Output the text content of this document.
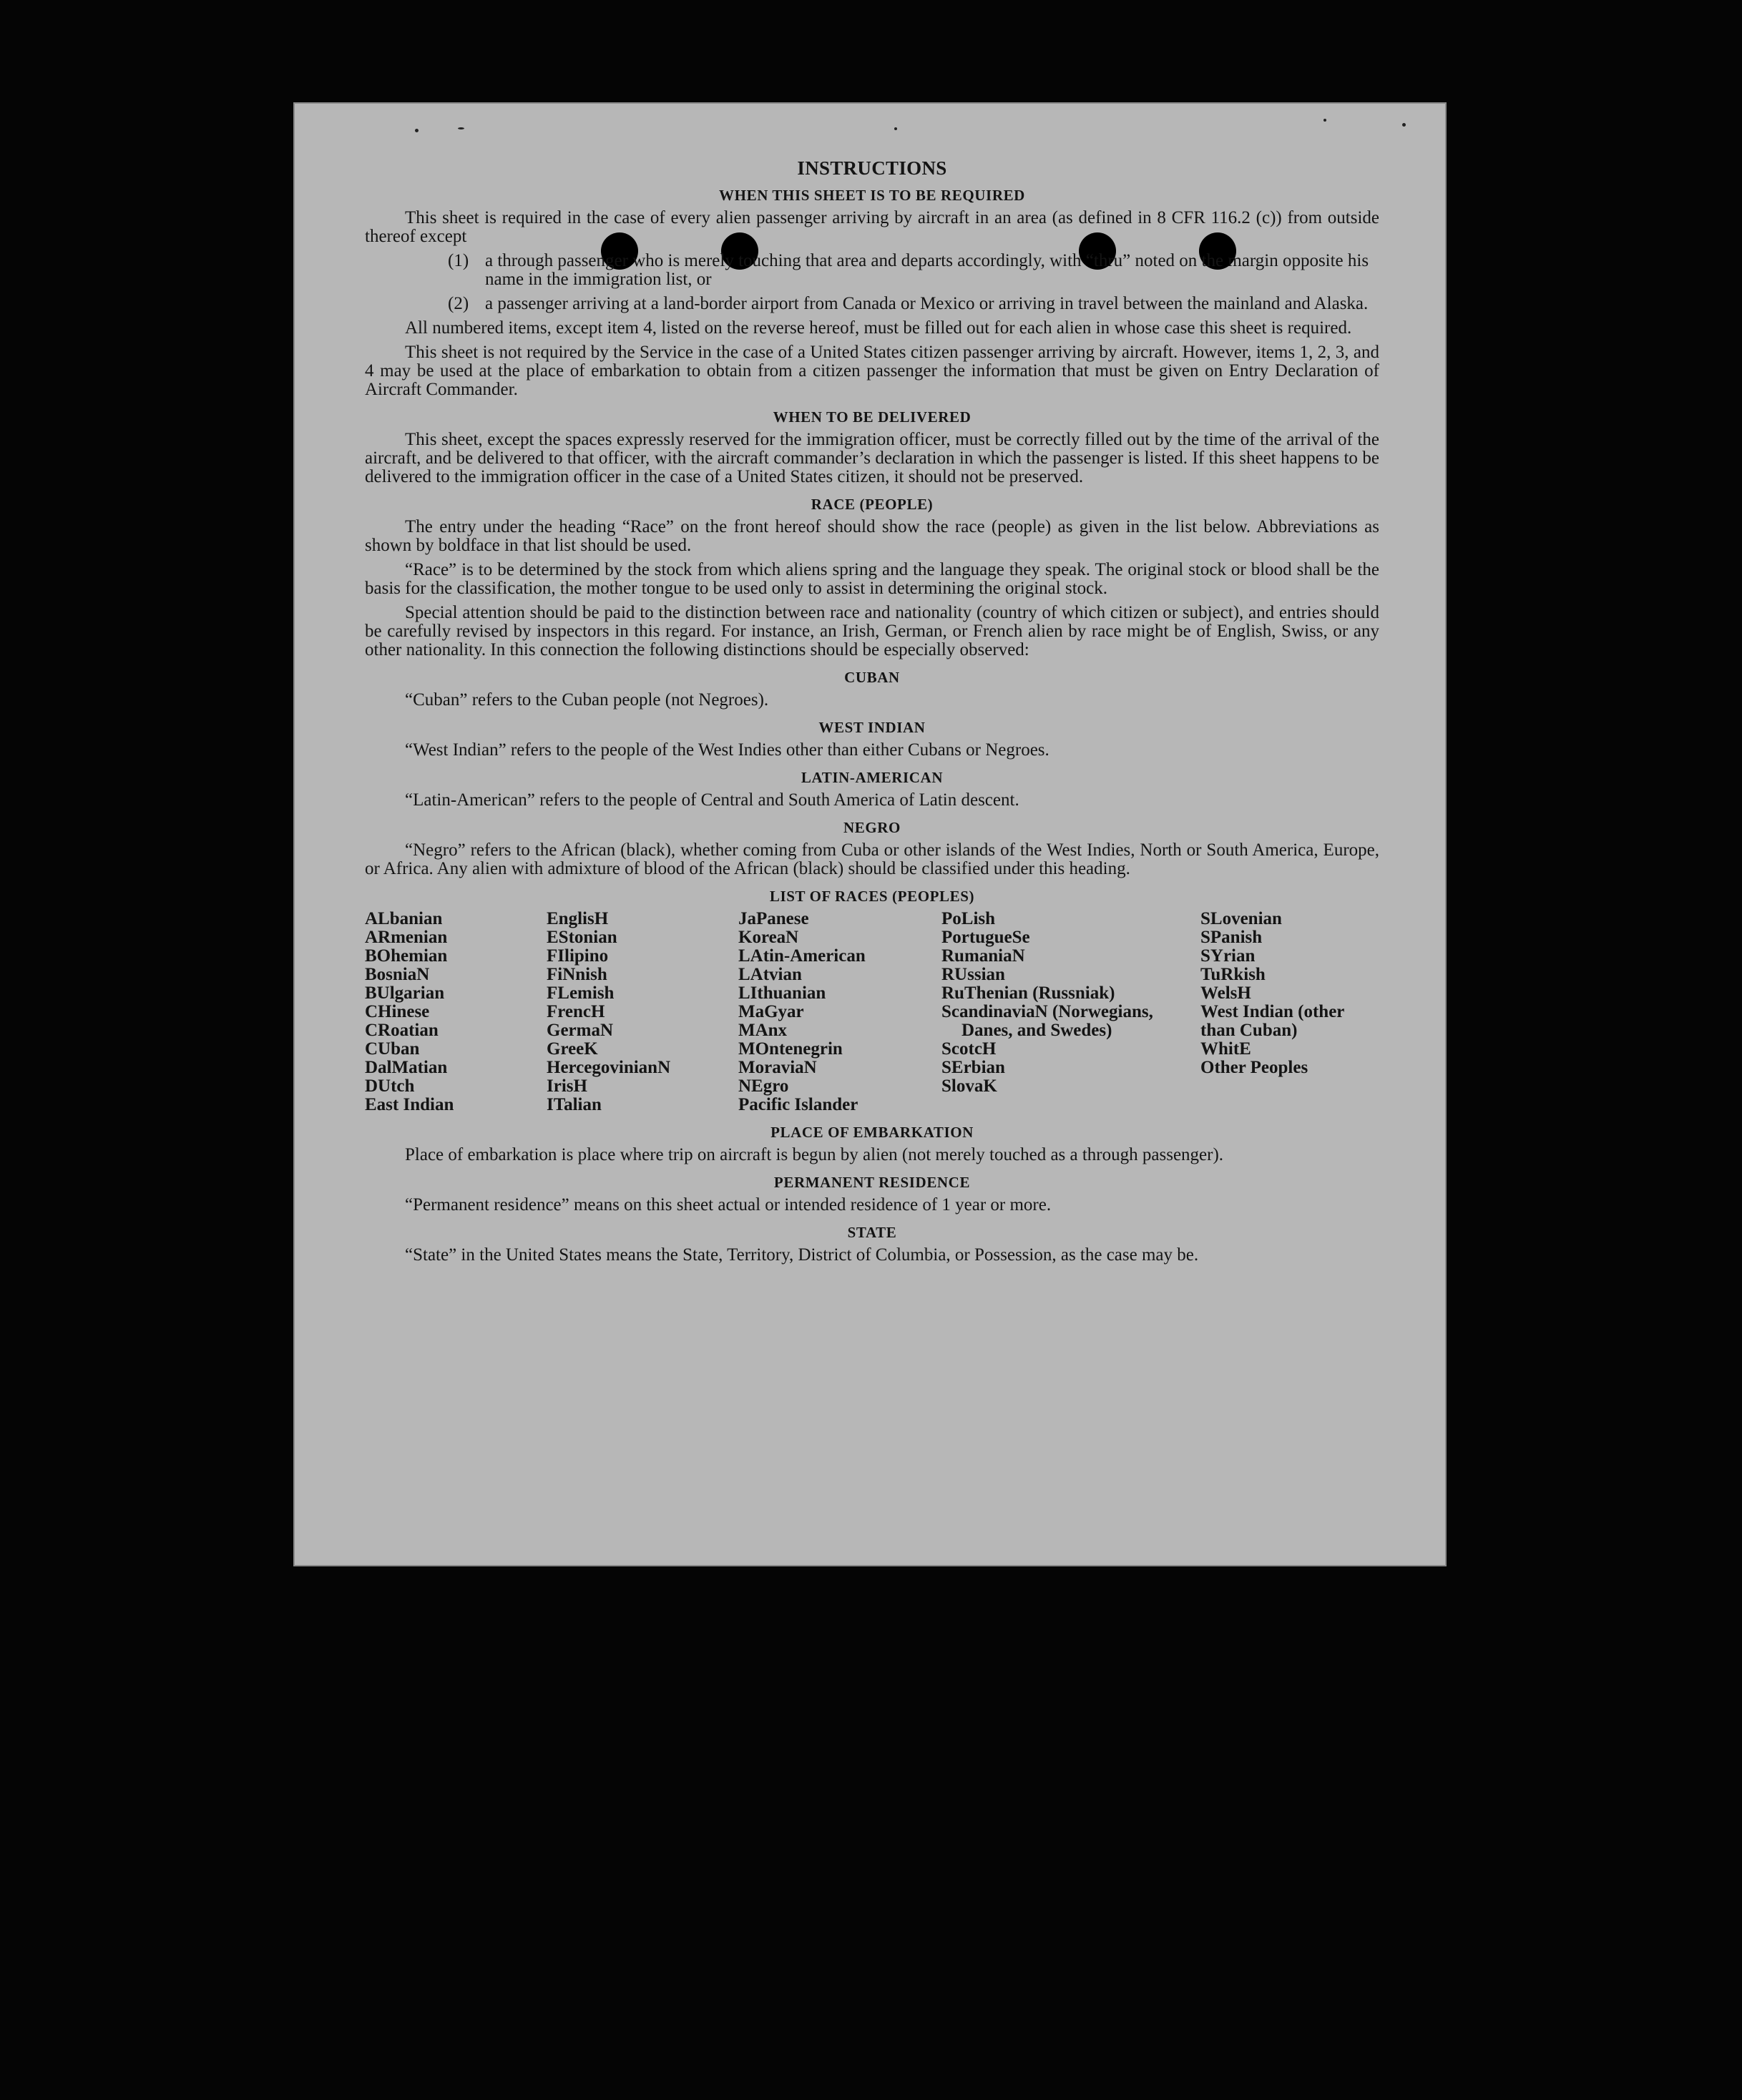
INSTRUCTIONS
WHEN THIS SHEET IS TO BE REQUIRED

This sheet is required in the case of every alien passenger arriving by aircraft in an area (as defined in 8 CFR 116.2 (c)) from outside thereof except

(1) a through passenger who is merely touching that area and departs accordingly, with “thru” noted on the margin opposite his name in the immigration list, or
(2) a passenger arriving at a land-border airport from Canada or Mexico or arriving in travel between the mainland and Alaska.

All numbered items, except item 4, listed on the reverse hereof, must be filled out for each alien in whose case this sheet is required.

This sheet is not required by the Service in the case of a United States citizen passenger arriving by aircraft. However, items 1, 2, 3, and 4 may be used at the place of embarkation to obtain from a citizen passenger the information that must be given on Entry Declaration of Aircraft Commander.

WHEN TO BE DELIVERED

This sheet, except the spaces expressly reserved for the immigration officer, must be correctly filled out by the time of the arrival of the aircraft, and be delivered to that officer, with the aircraft commander’s declaration in which the passenger is listed. If this sheet happens to be delivered to the immigration officer in the case of a United States citizen, it should not be preserved.

RACE (PEOPLE)

The entry under the heading “Race” on the front hereof should show the race (people) as given in the list below. Abbreviations as shown by boldface in that list should be used.

“Race” is to be determined by the stock from which aliens spring and the language they speak. The original stock or blood shall be the basis for the classification, the mother tongue to be used only to assist in determining the original stock.

Special attention should be paid to the distinction between race and nationality (country of which citizen or subject), and entries should be carefully revised by inspectors in this regard. For instance, an Irish, German, or French alien by race might be of English, Swiss, or any other nationality. In this connection the following distinctions should be especially observed:

CUBAN

“Cuban” refers to the Cuban people (not Negroes).

WEST INDIAN

“West Indian” refers to the people of the West Indies other than either Cubans or Negroes.

LATIN-AMERICAN

“Latin-American” refers to the people of Central and South America of Latin descent.

NEGRO

“Negro” refers to the African (black), whether coming from Cuba or other islands of the West Indies, North or South America, Europe, or Africa. Any alien with admixture of blood of the African (black) should be classified under this heading.

LIST OF RACES (PEOPLES)
ALbanian
ARmenian
BOhemian
BosniaN
BUlgarian
CHinese
CRoatian
CUban
DalMatian
DUtch
East Indian
EnglisH
EStonian
FIlipino
FiNnish
FLemish
FrencH
GermaN
GreeK
HercegovinianN
IrisH
ITalian
JaPanese
KoreaN
LAtin-American
LAtvian
LIthuanian
MaGyar
MAnx
MOntenegrin
MoraviaN
NEgro
Pacific Islander
PoLish
PortugueSe
RumaniaN
RUssian
RuThenian (Russniak)
ScandinaviaN (Norwegians, Danes, and Swedes)
ScotcH
SErbian
SlovaK
SLovenian
SPanish
SYrian
TuRkish
WelsH
West Indian (other than Cuban)
WhitE
Other Peoples
PLACE OF EMBARKATION

Place of embarkation is place where trip on aircraft is begun by alien (not merely touched as a through passenger).

PERMANENT RESIDENCE

“Permanent residence” means on this sheet actual or intended residence of 1 year or more.

STATE

“State” in the United States means the State, Territory, District of Columbia, or Possession, as the case may be.
